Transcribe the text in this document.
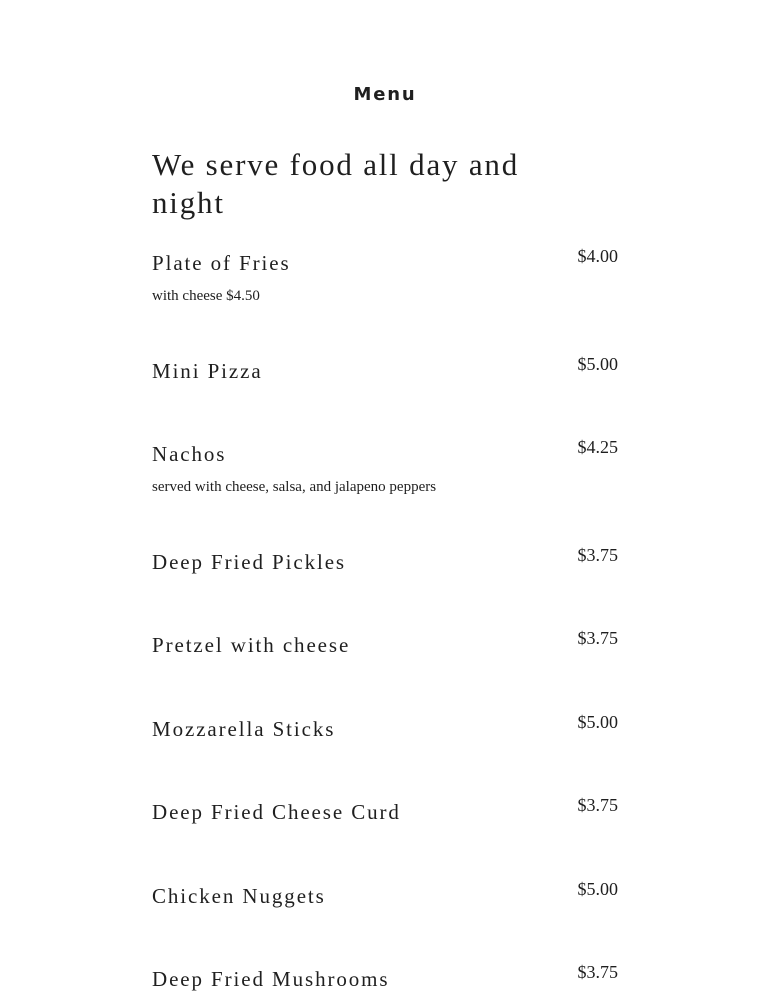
Menu
We serve food all day and night
Plate of Fries	$4.00
with cheese $4.50
Mini Pizza	$5.00
Nachos	$4.25
served with cheese, salsa, and jalapeno peppers
Deep Fried Pickles	$3.75
Pretzel with cheese	$3.75
Mozzarella Sticks	$5.00
Deep Fried Cheese Curd	$3.75
Chicken Nuggets	$5.00
Deep Fried Mushrooms	$3.75
